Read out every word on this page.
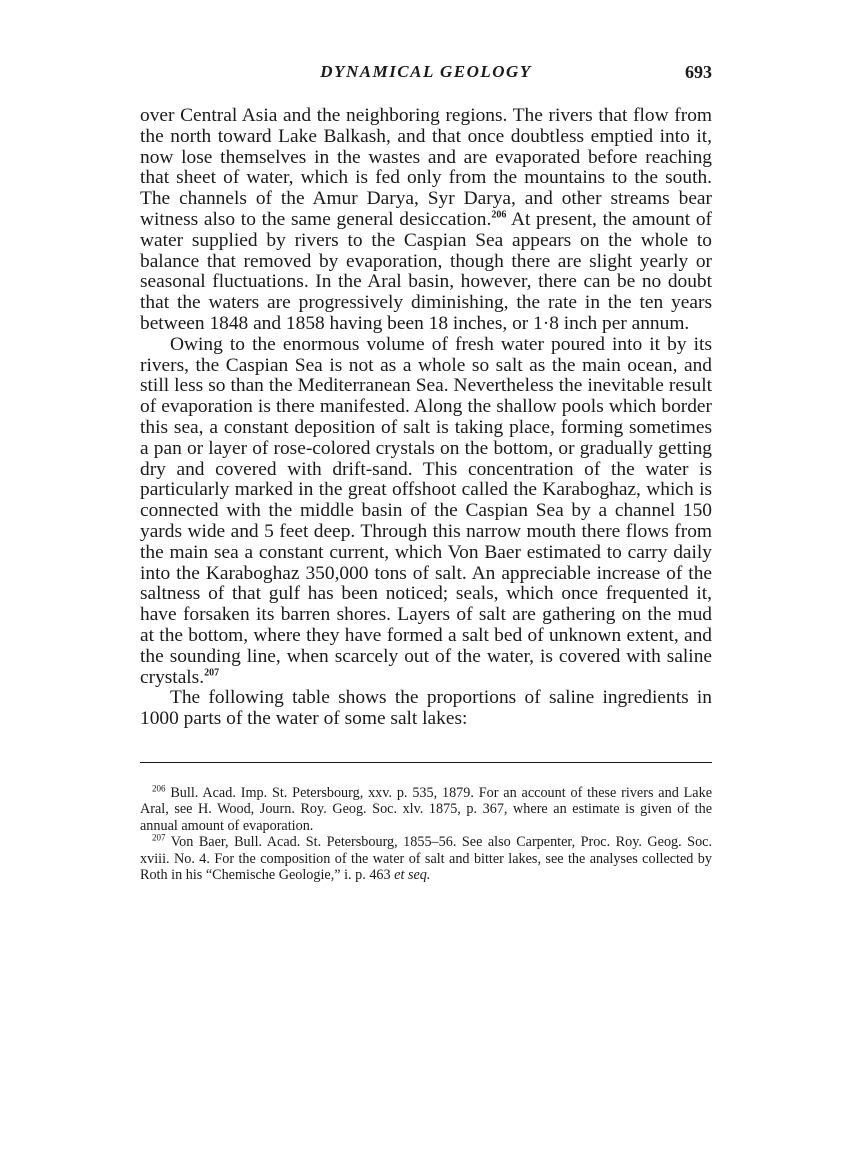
DYNAMICAL GEOLOGY	693

over Central Asia and the neighboring regions. The rivers that flow from the north toward Lake Balkash, and that once doubtless emptied into it, now lose themselves in the wastes and are evaporated before reaching that sheet of water, which is fed only from the mountains to the south. The channels of the Amur Darya, Syr Darya, and other streams bear witness also to the same general desiccation.$^{206}$ At present, the amount of water supplied by rivers to the Caspian Sea appears on the whole to balance that removed by evaporation, though there are slight yearly or seasonal fluctuations. In the Aral basin, however, there can be no doubt that the waters are progressively diminishing, the rate in the ten years between 1848 and 1858 having been 18 inches, or 1·8 inch per annum.

Owing to the enormous volume of fresh water poured into it by its rivers, the Caspian Sea is not as a whole so salt as the main ocean, and still less so than the Mediterranean Sea. Nevertheless the inevitable result of evaporation is there manifested. Along the shallow pools which border this sea, a constant deposition of salt is taking place, forming sometimes a pan or layer of rose-colored crystals on the bottom, or gradually getting dry and covered with drift-sand. This concentration of the water is particularly marked in the great offshoot called the Karaboghaz, which is connected with the middle basin of the Caspian Sea by a channel 150 yards wide and 5 feet deep. Through this narrow mouth there flows from the main sea a constant current, which Von Baer estimated to carry daily into the Karaboghaz 350,000 tons of salt. An appreciable increase of the saltness of that gulf has been noticed; seals, which once frequented it, have forsaken its barren shores. Layers of salt are gathering on the mud at the bottom, where they have formed a salt bed of unknown extent, and the sounding line, when scarcely out of the water, is covered with saline crystals.$^{207}$

The following table shows the proportions of saline ingredients in 1000 parts of the water of some salt lakes:

$^{206}$ Bull. Acad. Imp. St. Petersbourg, xxv. p. 535, 1879. For an account of these rivers and Lake Aral, see H. Wood, Journ. Roy. Geog. Soc. xlv. 1875, p. 367, where an estimate is given of the annual amount of evaporation.

$^{207}$ Von Baer, Bull. Acad. St. Petersbourg, 1855–56. See also Carpenter, Proc. Roy. Geog. Soc. xviii. No. 4. For the composition of the water of salt and bitter lakes, see the analyses collected by Roth in his “Chemische Geologie,” i. p. 463 et seq.
